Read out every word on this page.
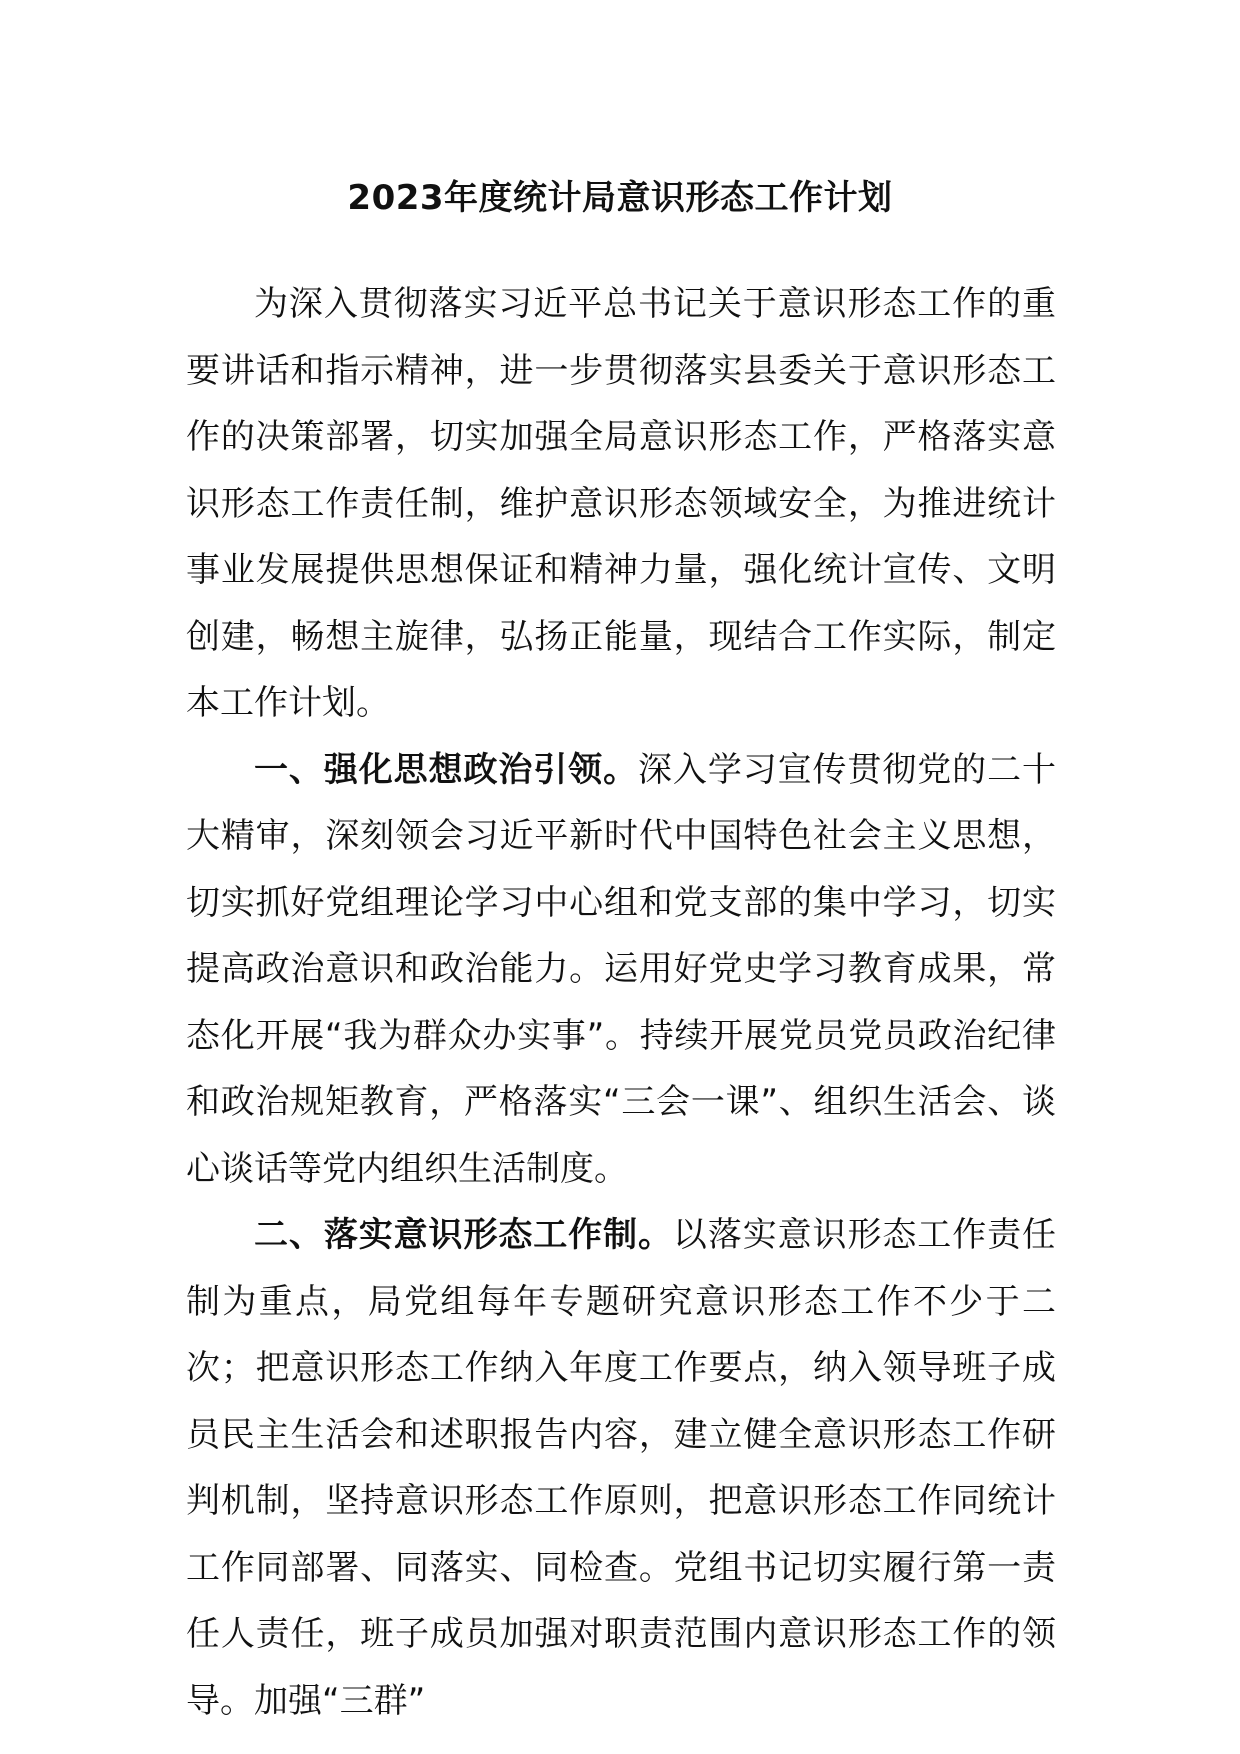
2023年度统计局意识形态工作计划

为深入贯彻落实习近平总书记关于意识形态工作的重要讲话和指示精神，进一步贯彻落实县委关于意识形态工作的决策部署，切实加强全局意识形态工作，严格落实意识形态工作责任制，维护意识形态领域安全，为推进统计事业发展提供思想保证和精神力量，强化统计宣传、文明创建，畅想主旋律，弘扬正能量，现结合工作实际，制定本工作计划。

一、强化思想政治引领。深入学习宣传贯彻党的二十大精审，深刻领会习近平新时代中国特色社会主义思想，切实抓好党组理论学习中心组和党支部的集中学习，切实提高政治意识和政治能力。运用好党史学习教育成果，常态化开展“我为群众办实事”。持续开展党员党员政治纪律和政治规矩教育，严格落实“三会一课”、组织生活会、谈心谈话等党内组织生活制度。

二、落实意识形态工作制。以落实意识形态工作责任制为重点，局党组每年专题研究意识形态工作不少于二次；把意识形态工作纳入年度工作要点，纳入领导班子成员民主生活会和述职报告内容，建立健全意识形态工作研判机制，坚持意识形态工作原则，把意识形态工作同统计工作同部署、同落实、同检查。党组书记切实履行第一责任人责任，班子成员加强对职责范围内意识形态工作的领导。加强“三群”
